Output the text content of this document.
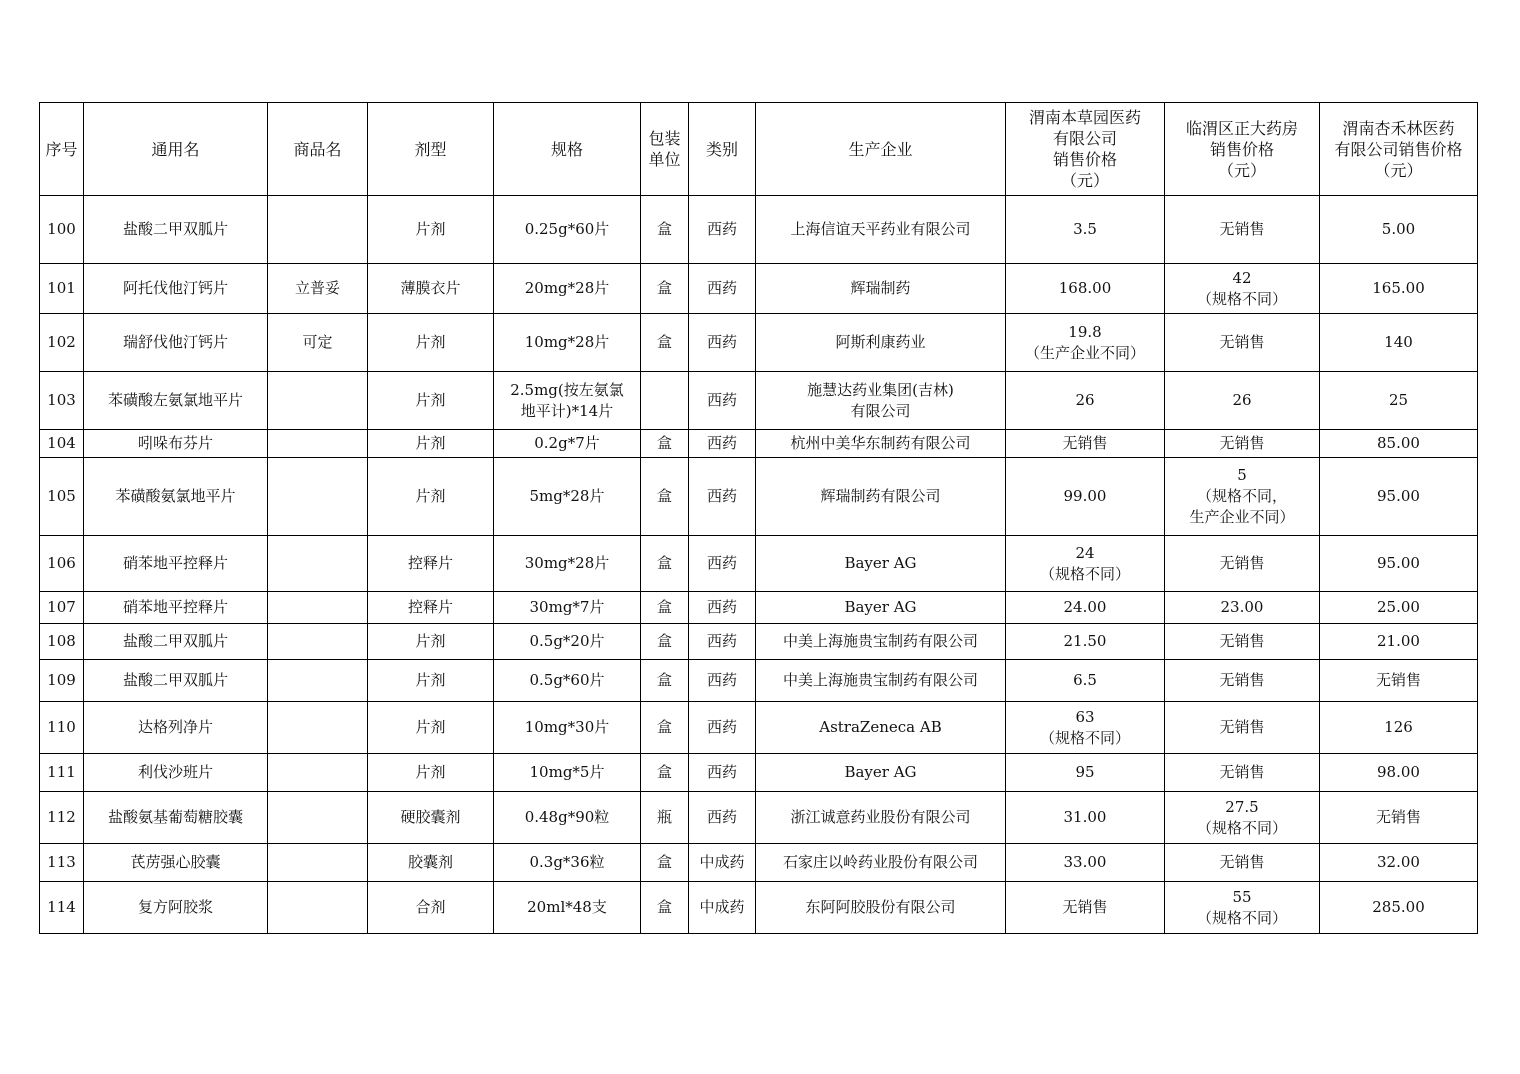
序号	通用名	商品名	剂型	规格	包装
单位	类别	生产企业	渭南本草园医药
有限公司
销售价格
（元）	临渭区正大药房
销售价格
（元）	渭南杏禾林医药
有限公司销售价格
（元）
100	盐酸二甲双胍片		片剂	0.25g*60片	盒	西药	上海信谊天平药业有限公司	3.5	无销售	5.00
101	阿托伐他汀钙片	立普妥	薄膜衣片	20mg*28片	盒	西药	辉瑞制药	168.00	42
（规格不同）	165.00
102	瑞舒伐他汀钙片	可定	片剂	10mg*28片	盒	西药	阿斯利康药业	19.8
（生产企业不同）	无销售	140
103	苯磺酸左氨氯地平片		片剂	2.5mg(按左氨氯
地平计)*14片		西药	施慧达药业集团(吉林)
有限公司	26	26	25
104	吲哚布芬片		片剂	0.2g*7片	盒	西药	杭州中美华东制药有限公司	无销售	无销售	85.00
105	苯磺酸氨氯地平片		片剂	5mg*28片	盒	西药	辉瑞制药有限公司	99.00	5
（规格不同，
生产企业不同）	95.00
106	硝苯地平控释片		控释片	30mg*28片	盒	西药	Bayer AG	24
（规格不同）	无销售	95.00
107	硝苯地平控释片		控释片	30mg*7片	盒	西药	Bayer AG	24.00	23.00	25.00
108	盐酸二甲双胍片		片剂	0.5g*20片	盒	西药	中美上海施贵宝制药有限公司	21.50	无销售	21.00
109	盐酸二甲双胍片		片剂	0.5g*60片	盒	西药	中美上海施贵宝制药有限公司	6.5	无销售	无销售
110	达格列净片		片剂	10mg*30片	盒	西药	AstraZeneca AB	63
（规格不同）	无销售	126
111	利伐沙班片		片剂	10mg*5片	盒	西药	Bayer AG	95	无销售	98.00
112	盐酸氨基葡萄糖胶囊		硬胶囊剂	0.48g*90粒	瓶	西药	浙江诚意药业股份有限公司	31.00	27.5
（规格不同）	无销售
113	芪苈强心胶囊		胶囊剂	0.3g*36粒	盒	中成药	石家庄以岭药业股份有限公司	33.00	无销售	32.00
114	复方阿胶浆		合剂	20ml*48支	盒	中成药	东阿阿胶股份有限公司	无销售	55
（规格不同）	285.00
